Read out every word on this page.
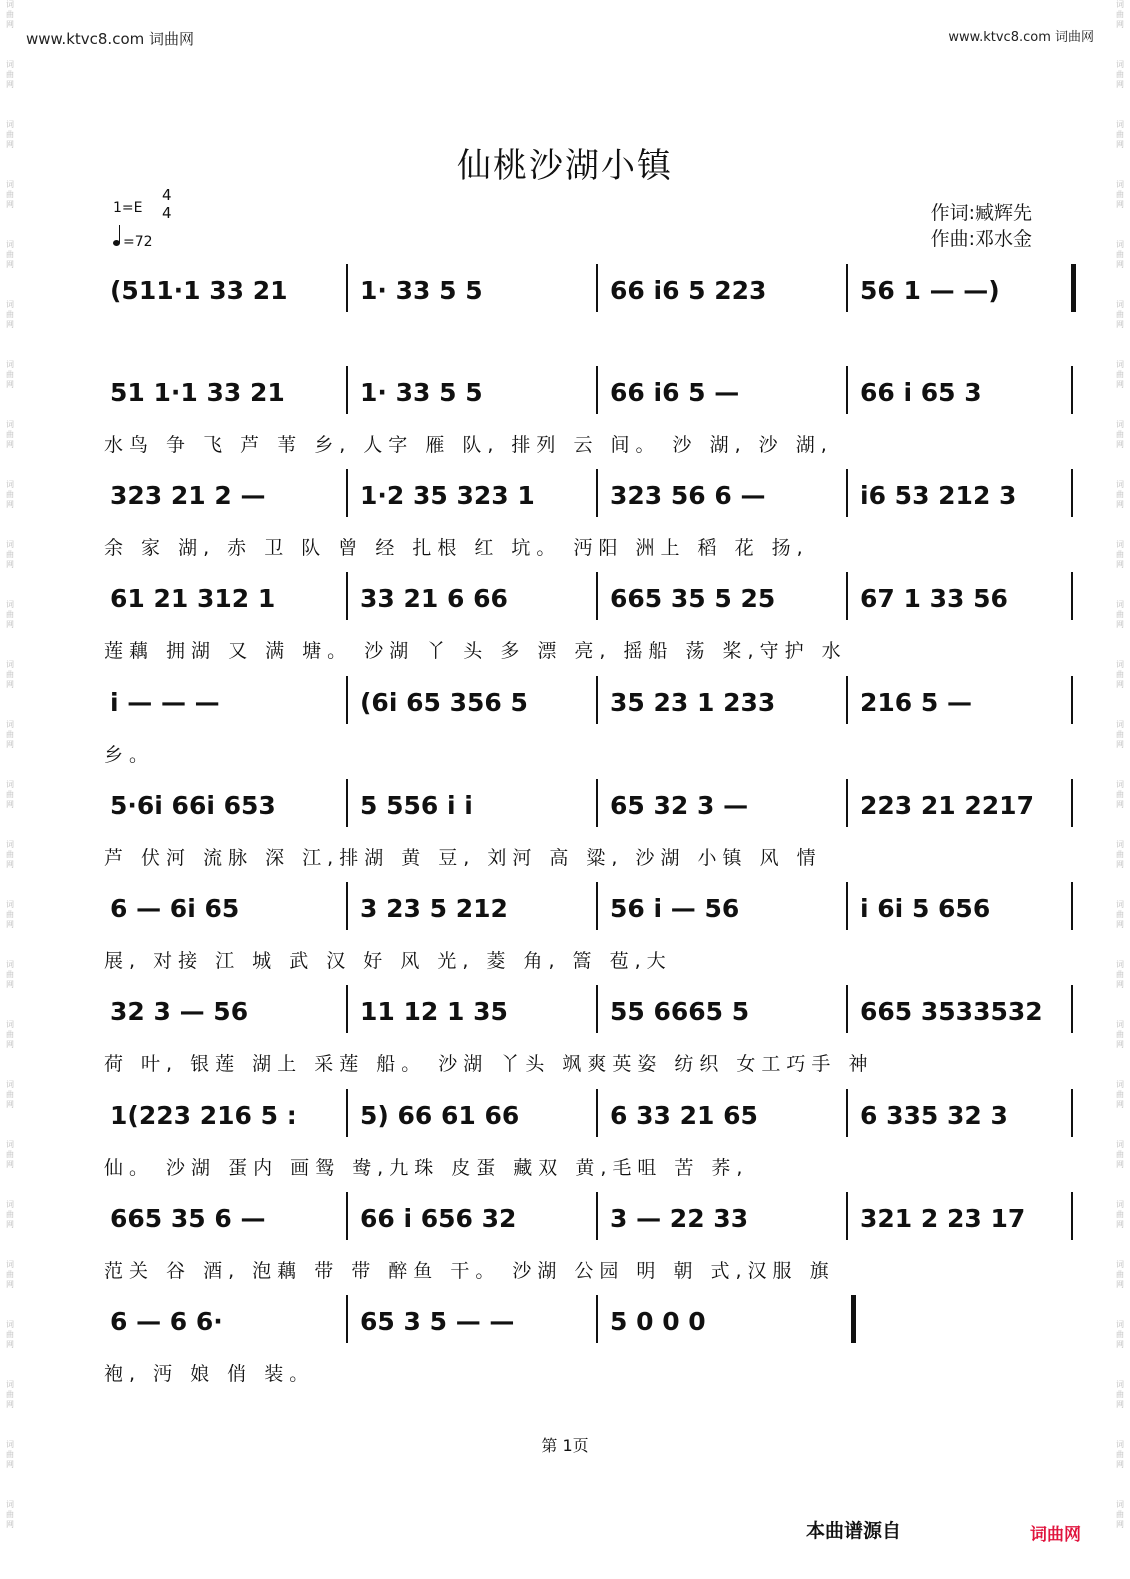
词曲网
词曲网
词曲网
词曲网
词曲网
词曲网
词曲网
词曲网
词曲网
词曲网
词曲网
词曲网
词曲网
词曲网
词曲网
词曲网
词曲网
词曲网
词曲网
词曲网
词曲网
词曲网
词曲网
词曲网
词曲网
词曲网
词曲网
词曲网
词曲网
词曲网
词曲网
词曲网
词曲网
词曲网
词曲网
词曲网
词曲网
词曲网
词曲网
词曲网
词曲网
词曲网
词曲网
词曲网
词曲网
词曲网
词曲网
词曲网
词曲网
词曲网
词曲网
词曲网
www.ktvc8.com 词曲网	www.ktvc8.com 词曲网
仙桃沙湖小镇
1=E
4
4
=72
作词:臧辉先
作曲:邓水金
(511·1 33 21	1· 33 5 5	66 i6 5 223	56 1 — —)
51 1·1 33 21	1· 33 5 5	66 i6 5 —	66 i 65 3
水鸟 争 飞 芦 苇 乡, 人字 雁 队, 排列 云 间。 沙 湖, 沙 湖,
323 21 2 —	1·2 35 323 1	323 56 6 —	i6 53 212 3
余 家 湖, 赤 卫 队 曾 经 扎根 红 坑。 沔阳 洲上 稻 花 扬,
61 21 312 1	33 21 6 66	665 35 5 25	67 1 33 56
莲藕 拥湖 又 满 塘。 沙湖 丫 头 多 漂 亮, 摇船 荡 桨,守护 水
i — — —	(6i 65 356 5	35 23 1 233	216 5 —
乡。
5·6i 66i 653	5 556 i i	65 32 3 —	223 21 2217
芦 伏河 流脉 深 江,排湖 黄 豆, 刘河 高 粱, 沙湖 小镇 风 情
6 — 6i 65	3 23 5 212	56 i — 56	i 6i 5 656
展, 对接 江 城 武 汉 好 风 光, 菱 角, 篙 苞,大
32 3 — 56	11 12 1 35	55 6665 5	665 3533532
荷 叶, 银莲 湖上 采莲 船。 沙湖 丫头 飒爽英姿 纺织 女工巧手 神
1(223 216 5 :	5) 66 61 66	6 33 21 65	6 335 32 3
仙。 沙湖 蛋内 画鸳 鸯,九珠 皮蛋 藏双 黄,毛咀 苦 荞,
665 35 6 —	66 i 656 32	3 — 22 33	321 2 23 17
范关 谷 酒, 泡藕 带 带 醉鱼 干。 沙湖 公园 明 朝 式,汉服 旗
6 — 6 6·	65 3 5 — —	5 0 0 0
袍, 沔 娘 俏 装。
第 1页
本曲谱源自	词曲网
